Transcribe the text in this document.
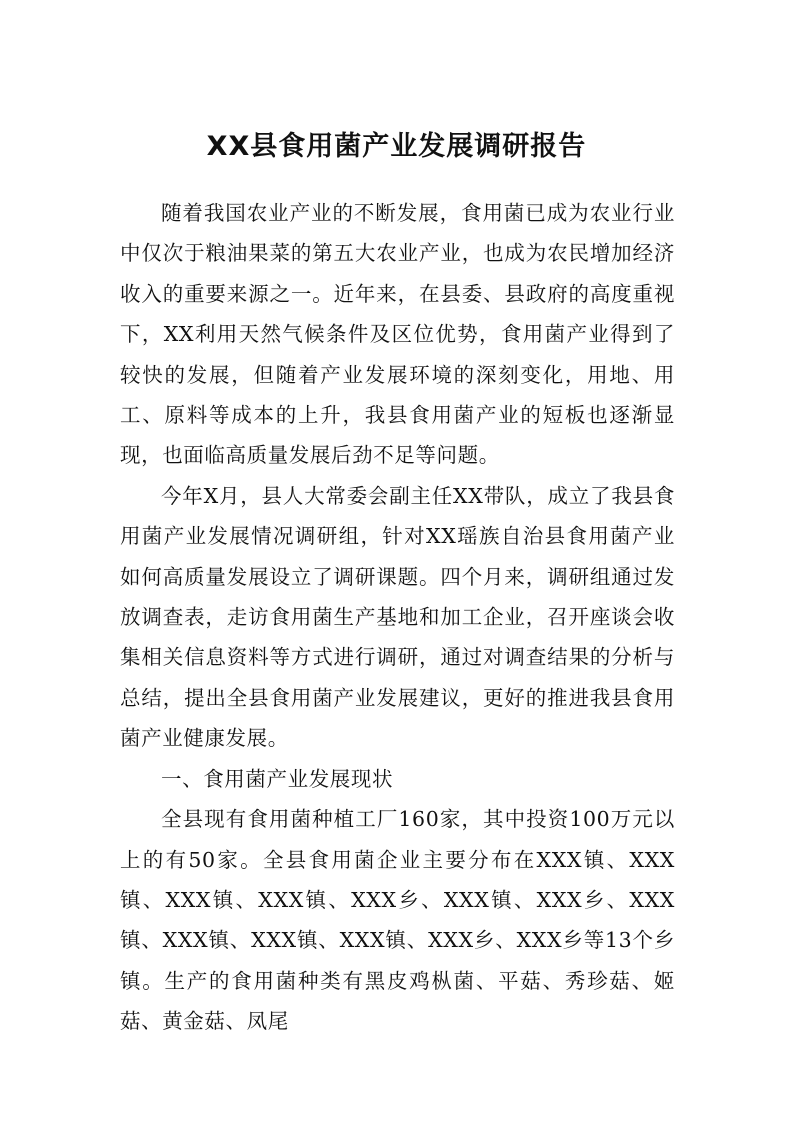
XX县食用菌产业发展调研报告

随着我国农业产业的不断发展，食用菌已成为农业行业中仅次于粮油果菜的第五大农业产业，也成为农民增加经济收入的重要来源之一。近年来，在县委、县政府的高度重视下，XX利用天然气候条件及区位优势，食用菌产业得到了较快的发展，但随着产业发展环境的深刻变化，用地、用工、原料等成本的上升，我县食用菌产业的短板也逐渐显现，也面临高质量发展后劲不足等问题。

今年X月，县人大常委会副主任XX带队，成立了我县食用菌产业发展情况调研组，针对XX瑶族自治县食用菌产业如何高质量发展设立了调研课题。四个月来，调研组通过发放调查表，走访食用菌生产基地和加工企业，召开座谈会收集相关信息资料等方式进行调研，通过对调查结果的分析与总结，提出全县食用菌产业发展建议，更好的推进我县食用菌产业健康发展。

一、食用菌产业发展现状

全县现有食用菌种植工厂160家，其中投资100万元以上的有50家。全县食用菌企业主要分布在XXX镇、XXX镇、XXX镇、XXX镇、XXX乡、XXX镇、XXX乡、XXX镇、XXX镇、XXX镇、XXX镇、XXX乡、XXX乡等13个乡镇。生产的食用菌种类有黑皮鸡枞菌、平菇、秀珍菇、姬菇、黄金菇、凤尾
